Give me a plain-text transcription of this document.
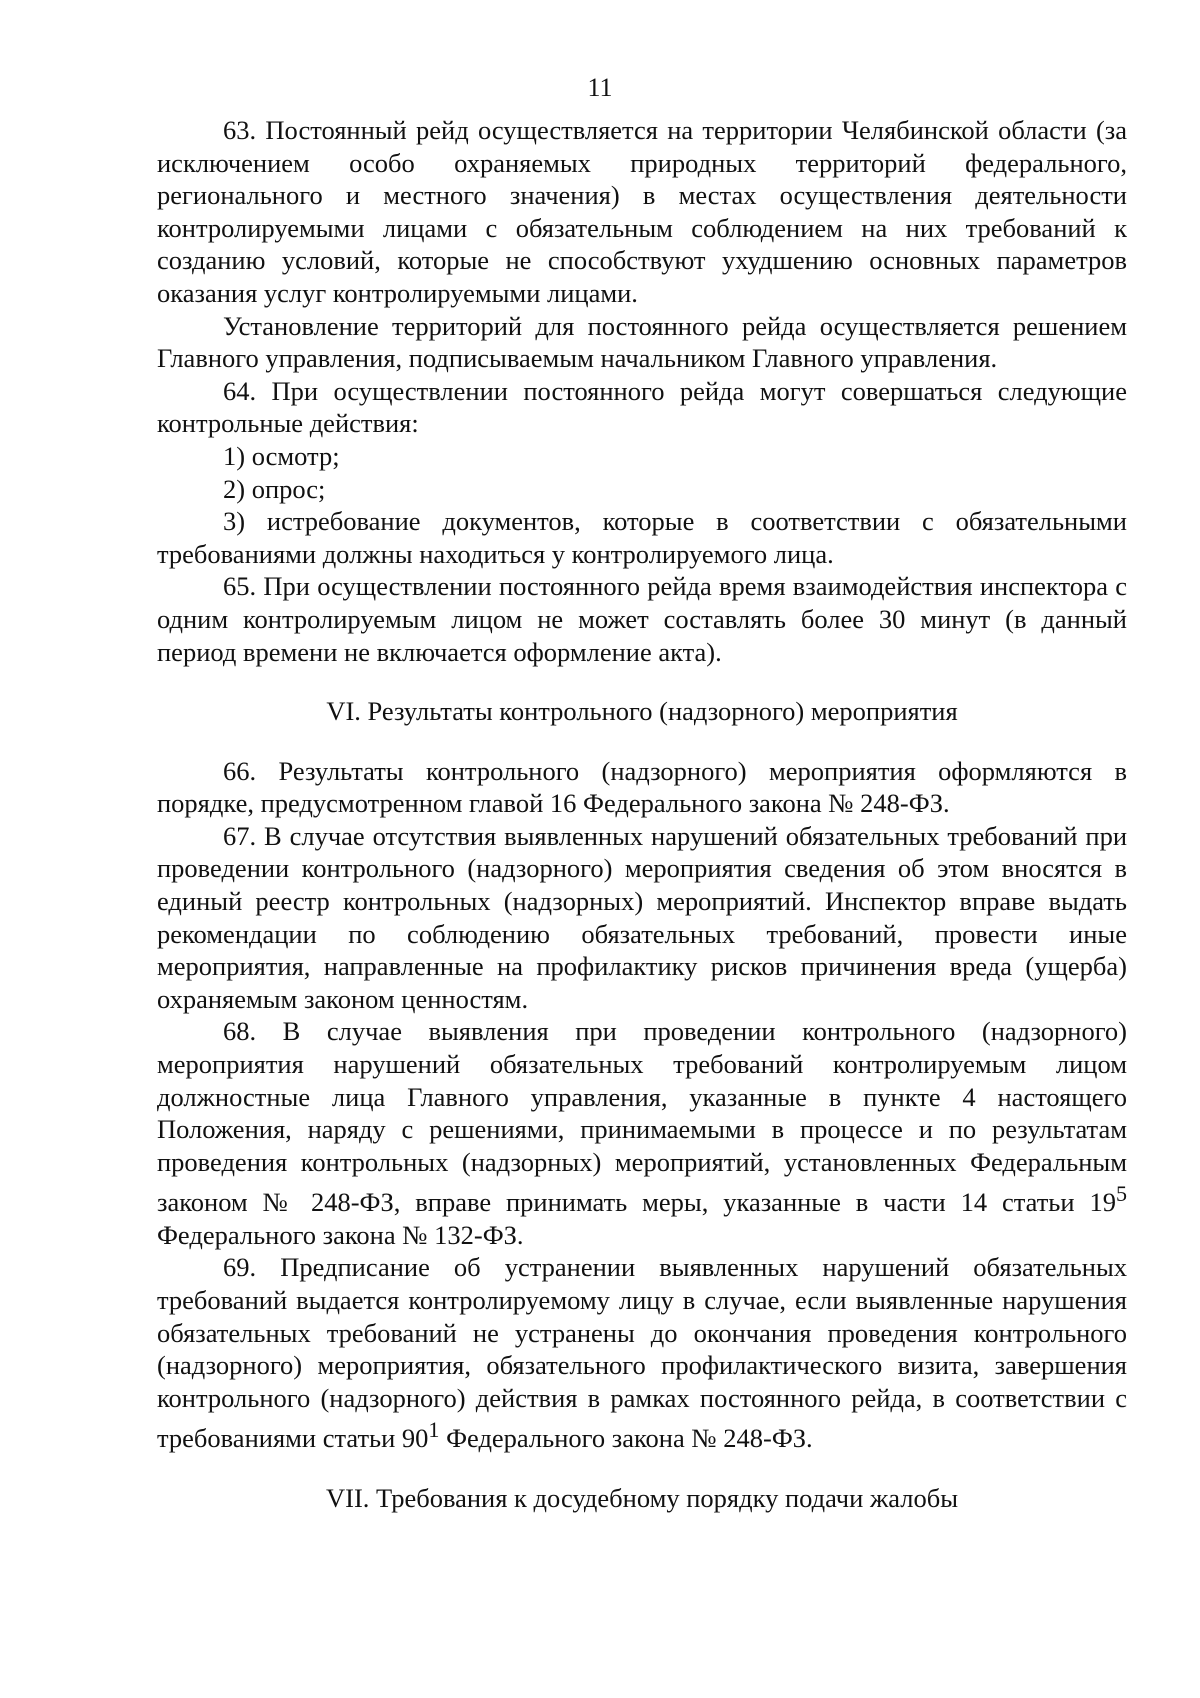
11

63. Постоянный рейд осуществляется на территории Челябинской области (за исключением особо охраняемых природных территорий федерального, регионального и местного значения) в местах осуществления деятельности контролируемыми лицами с обязательным соблюдением на них требований к созданию условий, которые не способствуют ухудшению основных параметров оказания услуг контролируемыми лицами.

Установление территорий для постоянного рейда осуществляется решением Главного управления, подписываемым начальником Главного управления.

64. При осуществлении постоянного рейда могут совершаться следующие контрольные действия:

1) осмотр;

2) опрос;

3) истребование документов, которые в соответствии с обязательными требованиями должны находиться у контролируемого лица.

65. При осуществлении постоянного рейда время взаимодействия инспектора с одним контролируемым лицом не может составлять более 30 минут (в данный период времени не включается оформление акта).

VI. Результаты контрольного (надзорного) мероприятия

66. Результаты контрольного (надзорного) мероприятия оформляются в порядке, предусмотренном главой 16 Федерального закона № 248-ФЗ.

67. В случае отсутствия выявленных нарушений обязательных требований при проведении контрольного (надзорного) мероприятия сведения об этом вносятся в единый реестр контрольных (надзорных) мероприятий. Инспектор вправе выдать рекомендации по соблюдению обязательных требований, провести иные мероприятия, направленные на профилактику рисков причинения вреда (ущерба) охраняемым законом ценностям.

68. В случае выявления при проведении контрольного (надзорного) мероприятия нарушений обязательных требований контролируемым лицом должностные лица Главного управления, указанные в пункте 4 настоящего Положения, наряду с решениями, принимаемыми в процессе и по результатам проведения контрольных (надзорных) мероприятий, установленных Федеральным законом № 248-ФЗ, вправе принимать меры, указанные в части 14 статьи $19^5$ Федерального закона № 132-ФЗ.

69. Предписание об устранении выявленных нарушений обязательных требований выдается контролируемому лицу в случае, если выявленные нарушения обязательных требований не устранены до окончания проведения контрольного (надзорного) мероприятия, обязательного профилактического визита, завершения контрольного (надзорного) действия в рамках постоянного рейда, в соответствии с требованиями статьи $90^1$ Федерального закона № 248-ФЗ.

VII. Требования к досудебному порядку подачи жалобы
